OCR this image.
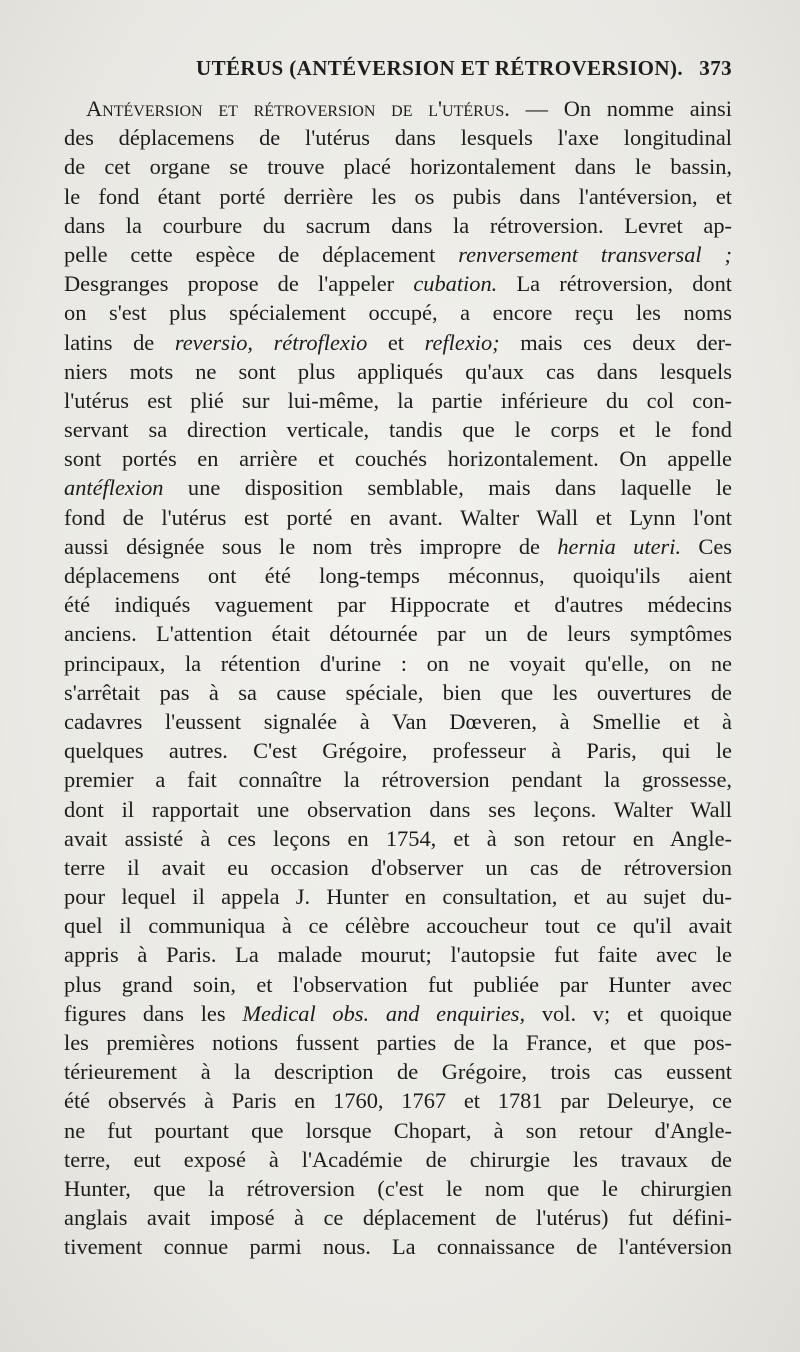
UTÉRUS (ANTÉVERSION ET RÉTROVERSION). 373
Antéversion et rétroversion de l'utérus. — On nomme ainsi
des déplacemens de l'utérus dans lesquels l'axe longitudinal
de cet organe se trouve placé horizontalement dans le bassin,
le fond étant porté derrière les os pubis dans l'antéversion, et
dans la courbure du sacrum dans la rétroversion. Levret ap-
pelle cette espèce de déplacement renversement transversal ;
Desgranges propose de l'appeler cubation. La rétroversion, dont
on s'est plus spécialement occupé, a encore reçu les noms
latins de reversio, rétroflexio et reflexio; mais ces deux der-
niers mots ne sont plus appliqués qu'aux cas dans lesquels
l'utérus est plié sur lui-même, la partie inférieure du col con-
servant sa direction verticale, tandis que le corps et le fond
sont portés en arrière et couchés horizontalement. On appelle
antéflexion une disposition semblable, mais dans laquelle le
fond de l'utérus est porté en avant. Walter Wall et Lynn l'ont
aussi désignée sous le nom très impropre de hernia uteri. Ces
déplacemens ont été long-temps méconnus, quoiqu'ils aient
été indiqués vaguement par Hippocrate et d'autres médecins
anciens. L'attention était détournée par un de leurs symptômes
principaux, la rétention d'urine : on ne voyait qu'elle, on ne
s'arrêtait pas à sa cause spéciale, bien que les ouvertures de
cadavres l'eussent signalée à Van Dœveren, à Smellie et à
quelques autres. C'est Grégoire, professeur à Paris, qui le
premier a fait connaître la rétroversion pendant la grossesse,
dont il rapportait une observation dans ses leçons. Walter Wall
avait assisté à ces leçons en 1754, et à son retour en Angle-
terre il avait eu occasion d'observer un cas de rétroversion
pour lequel il appela J. Hunter en consultation, et au sujet du-
quel il communiqua à ce célèbre accoucheur tout ce qu'il avait
appris à Paris. La malade mourut; l'autopsie fut faite avec le
plus grand soin, et l'observation fut publiée par Hunter avec
figures dans les Medical obs. and enquiries, vol. v; et quoique
les premières notions fussent parties de la France, et que pos-
térieurement à la description de Grégoire, trois cas eussent
été observés à Paris en 1760, 1767 et 1781 par Deleurye, ce
ne fut pourtant que lorsque Chopart, à son retour d'Angle-
terre, eut exposé à l'Académie de chirurgie les travaux de
Hunter, que la rétroversion (c'est le nom que le chirurgien
anglais avait imposé à ce déplacement de l'utérus) fut défini-
tivement connue parmi nous. La connaissance de l'antéversion
